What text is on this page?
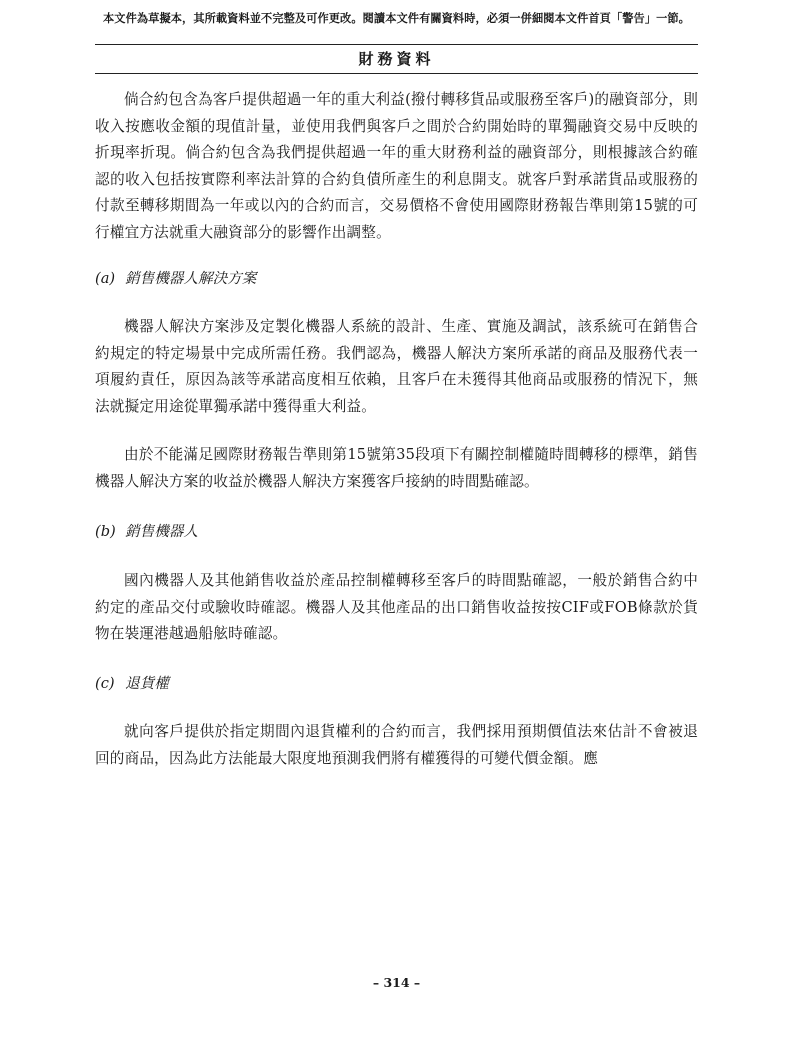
本文件為草擬本，其所載資料並不完整及可作更改。閱讀本文件有關資料時，必須一併細閱本文件首頁「警告」一節。
財務資料

倘合約包含為客戶提供超過一年的重大利益(撥付轉移貨品或服務至客戶)的融資部分，則收入按應收金額的現值計量，並使用我們與客戶之間於合約開始時的單獨融資交易中反映的折現率折現。倘合約包含為我們提供超過一年的重大財務利益的融資部分，則根據該合約確認的收入包括按實際利率法計算的合約負債所產生的利息開支。就客戶對承諾貨品或服務的付款至轉移期間為一年或以內的合約而言，交易價格不會使用國際財務報告準則第15號的可行權宜方法就重大融資部分的影響作出調整。

(a) 銷售機器人解決方案

機器人解決方案涉及定製化機器人系統的設計、生產、實施及調試，該系統可在銷售合約規定的特定場景中完成所需任務。我們認為，機器人解決方案所承諾的商品及服務代表一項履約責任，原因為該等承諾高度相互依賴，且客戶在未獲得其他商品或服務的情況下，無法就擬定用途從單獨承諾中獲得重大利益。

由於不能滿足國際財務報告準則第15號第35段項下有關控制權隨時間轉移的標準，銷售機器人解決方案的收益於機器人解決方案獲客戶接納的時間點確認。

(b) 銷售機器人

國內機器人及其他銷售收益於產品控制權轉移至客戶的時間點確認，一般於銷售合約中約定的產品交付或驗收時確認。機器人及其他產品的出口銷售收益按按CIF或FOB條款於貨物在裝運港越過船舷時確認。

(c) 退貨權

就向客戶提供於指定期間內退貨權利的合約而言，我們採用預期價值法來估計不會被退回的商品，因為此方法能最大限度地預測我們將有權獲得的可變代價金額。應

– 314 –
